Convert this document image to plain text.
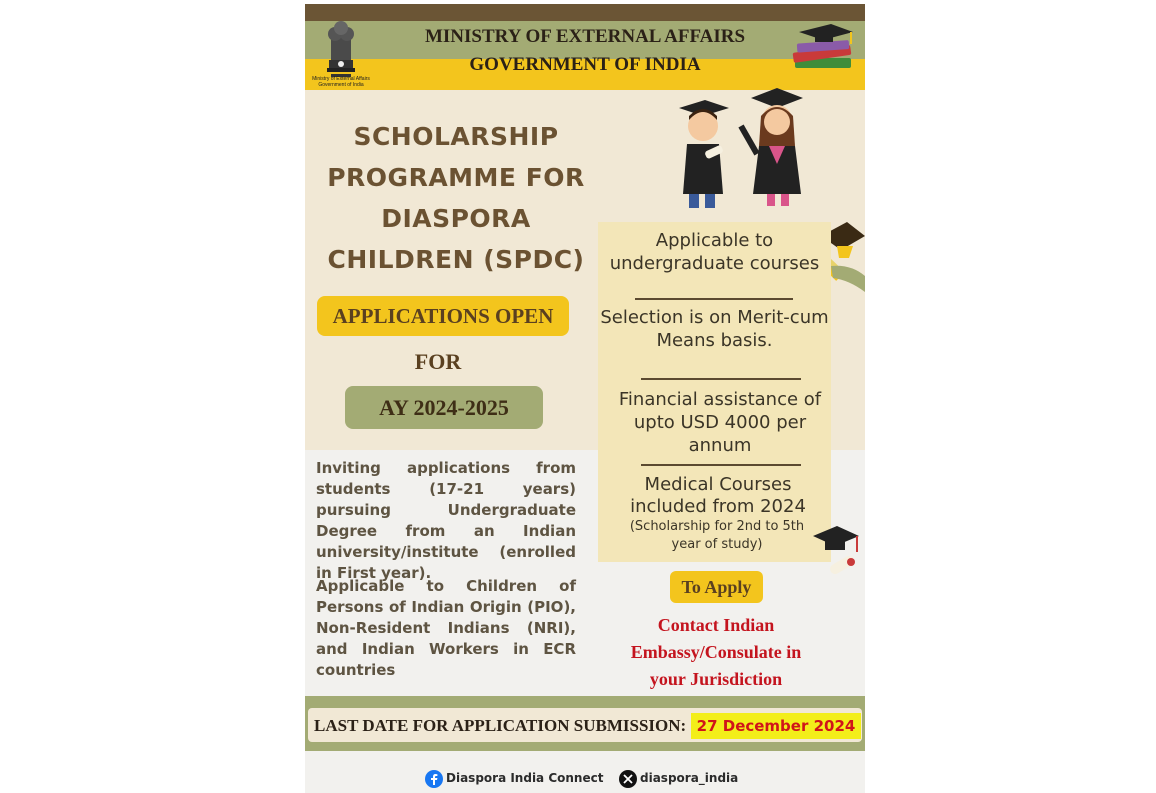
Ministry of External Affairs
Government of India
MINISTRY OF EXTERNAL AFFAIRS
GOVERNMENT OF INDIA
SCHOLARSHIP
PROGRAMME FOR
DIASPORA
CHILDREN (SPDC)
APPLICATIONS OPEN
FOR
AY 2024-2025
Applicable to undergraduate courses
Selection is on Merit-cum Means basis.
Financial assistance of upto USD 4000 per annum
Medical Courses included from 2024
(Scholarship for 2nd to 5th year of study)
Inviting applications from students (17-21 years) pursuing Undergraduate Degree from an Indian university/institute (enrolled in First year).
Applicable to Children of Persons of Indian Origin (PIO), Non-Resident Indians (NRI), and Indian Workers in ECR countries
To Apply
Contact Indian
Embassy/Consulate in
your Jurisdiction
LAST DATE FOR APPLICATION SUBMISSION: 27 December 2024
Diaspora India Connect	diaspora_india
